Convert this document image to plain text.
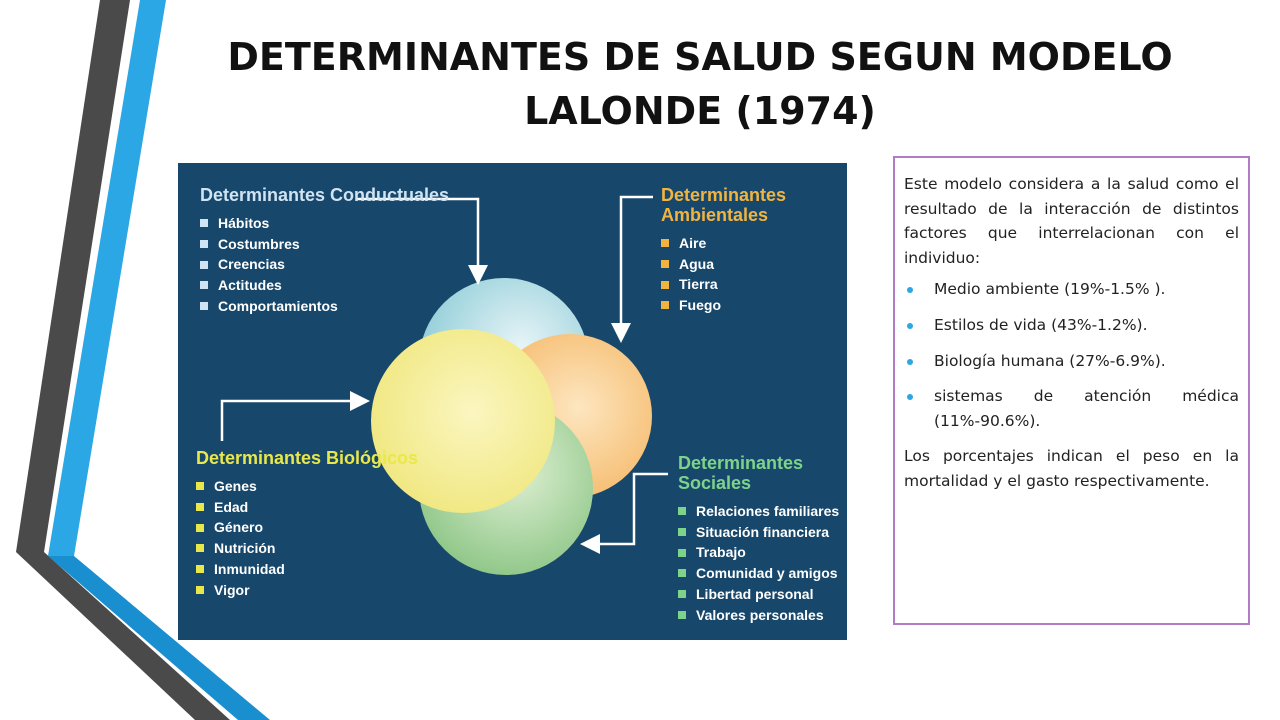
DETERMINANTES DE SALUD SEGUN MODELO LALONDE (1974)

Determinantes Conductuales

Hábitos
Costumbres
Creencias
Actitudes
Comportamientos

Determinantes Ambientales

Aire
Agua
Tierra
Fuego

Determinantes Biológicos

Genes
Edad
Género
Nutrición
Inmunidad
Vigor

Determinantes Sociales

Relaciones familiares
Situación financiera
Trabajo
Comunidad y amigos
Libertad personal
Valores personales

Este modelo considera a la salud como el resultado de la interacción de distintos factores que interrelacionan con el individuo:

Medio ambiente (19%-1.5% ).
Estilos de vida (43%-1.2%).
Biología humana (27%-6.9%).
sistemas de atención médica (11%-90.6%).

Los porcentajes indican el peso en la mortalidad y el gasto respectivamente.
